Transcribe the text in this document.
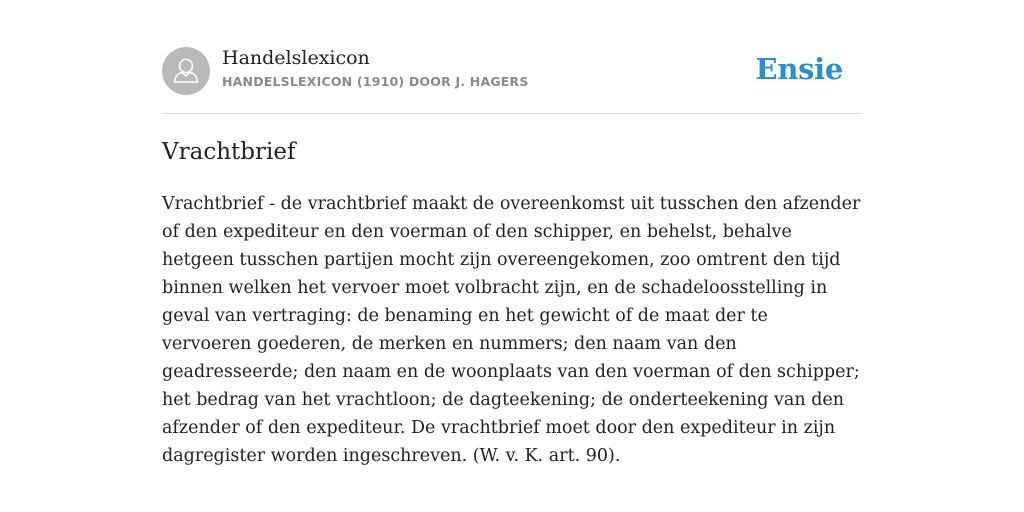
Handelslexicon
HANDELSLEXICON (1910) DOOR J. HAGERS	Ensie
Vrachtbrief

Vrachtbrief - de vrachtbrief maakt de overeenkomst uit tusschen den afzender of den expediteur en den voerman of den schipper, en behelst, behalve hetgeen tusschen partijen mocht zijn overeengekomen, zoo omtrent den tijd binnen welken het vervoer moet volbracht zijn, en de schadeloosstelling in geval van vertraging: de benaming en het gewicht of de maat der te vervoeren goederen, de merken en nummers; den naam van den geadresseerde; den naam en de woonplaats van den voerman of den schipper; het bedrag van het vrachtloon; de dagteekening; de onderteekening van den afzender of den expediteur. De vrachtbrief moet door den expediteur in zijn dagregister worden ingeschreven. (W. v. K. art. 90).
